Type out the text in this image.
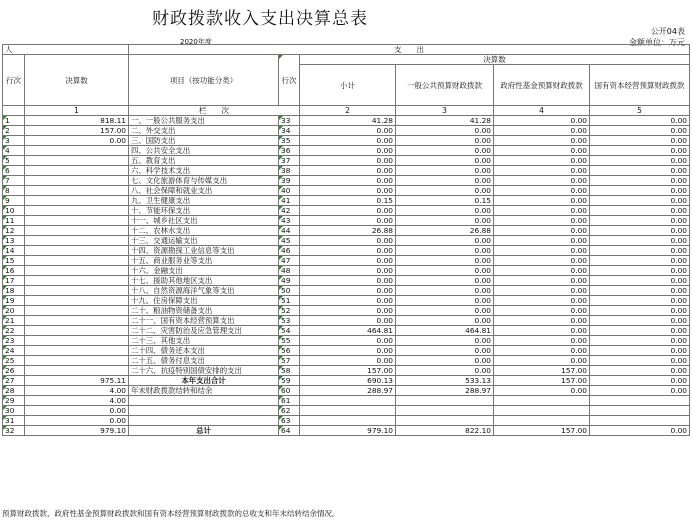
财政拨款收入支出决算总表
2020年度
公开04表
金额单位：万元
人		支　　出					
行次	决算数	项目（按功能分类）	行次	决算数			
				小计	一般公共预算财政拨款	政府性基金预算财政拨款	国有资本经营预算财政拨款
	1	栏　　次		2	3	4	5
1	818.11	一、一般公共服务支出	33	41.28	41.28	0.00	0.00
2	157.00	二、外交支出	34	0.00	0.00	0.00	0.00
3	0.00	三、国防支出	35	0.00	0.00	0.00	0.00
4		四、公共安全支出	36	0.00	0.00	0.00	0.00
5		五、教育支出	37	0.00	0.00	0.00	0.00
6		六、科学技术支出	38	0.00	0.00	0.00	0.00
7		七、文化旅游体育与传媒支出	39	0.00	0.00	0.00	0.00
8		八、社会保障和就业支出	40	0.00	0.00	0.00	0.00
9		九、卫生健康支出	41	0.15	0.15	0.00	0.00
10		十、节能环保支出	42	0.00	0.00	0.00	0.00
11		十一、城乡社区支出	43	0.00	0.00	0.00	0.00
12		十二、农林水支出	44	26.88	26.88	0.00	0.00
13		十三、交通运输支出	45	0.00	0.00	0.00	0.00
14		十四、资源勘探工业信息等支出	46	0.00	0.00	0.00	0.00
15		十五、商业服务业等支出	47	0.00	0.00	0.00	0.00
16		十六、金融支出	48	0.00	0.00	0.00	0.00
17		十七、援助其他地区支出	49	0.00	0.00	0.00	0.00
18		十八、自然资源海洋气象等支出	50	0.00	0.00	0.00	0.00
19		十九、住房保障支出	51	0.00	0.00	0.00	0.00
20		二十、粮油物资储备支出	52	0.00	0.00	0.00	0.00
21		二十一、国有资本经营预算支出	53	0.00	0.00	0.00	0.00
22		二十二、灾害防治及应急管理支出	54	464.81	464.81	0.00	0.00
23		二十三、其他支出	55	0.00	0.00	0.00	0.00
24		二十四、债务还本支出	56	0.00	0.00	0.00	0.00
25		二十五、债务付息支出	57	0.00	0.00	0.00	0.00
26		二十六、抗疫特别国债安排的支出	58	157.00	0.00	157.00	0.00
27	975.11	本年支出合计	59	690.13	533.13	157.00	0.00
28	4.00	年末财政拨款结转和结余	60	288.97	288.97	0.00	0.00
29	4.00		61				
30	0.00		62				
31	0.00		63				
32	979.10	总计	64	979.10	822.10	157.00	0.00
预算财政拨款、政府性基金预算财政拨款和国有资本经营预算财政拨款的总收支和年末结转结余情况。
